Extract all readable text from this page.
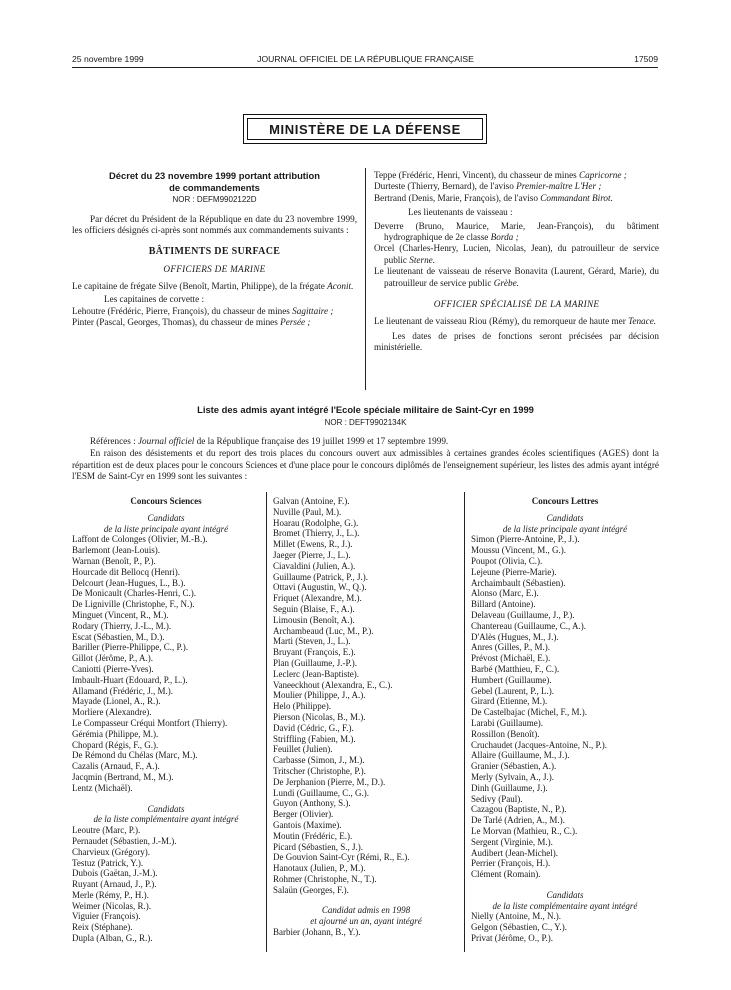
25 novembre 1999	JOURNAL OFFICIEL DE LA RÉPUBLIQUE FRANÇAISE	17509
MINISTÈRE DE LA DÉFENSE

Décret du 23 novembre 1999 portant attribution
de commandements

NOR : DEFM9902122D

Par décret du Président de la République en date du 23 novembre 1999, les officiers désignés ci-après sont nommés aux commandements suivants :

BÂTIMENTS DE SURFACE

OFFICIERS DE MARINE

Le capitaine de frégate Silve (Benoît, Martin, Philippe), de la frégate Aconit.

Les capitaines de corvette :

Lehoutre (Frédéric, Pierre, François), du chasseur de mines Sagittaire ;

Pinter (Pascal, Georges, Thomas), du chasseur de mines Persée ;

Teppe (Frédéric, Henri, Vincent), du chasseur de mines Capricorne ;

Durteste (Thierry, Bernard), de l'aviso Premier-maître L'Her ;

Bertrand (Denis, Marie, François), de l'aviso Commandant Birot.

Les lieutenants de vaisseau :

Deverre (Bruno, Maurice, Marie, Jean-François), du bâtiment hydrographique de 2e classe Borda ;

Orcel (Charles-Henry, Lucien, Nicolas, Jean), du patrouilleur de service public Sterne.

Le lieutenant de vaisseau de réserve Bonavita (Laurent, Gérard, Marie), du patrouilleur de service public Grèbe.

OFFICIER SPÉCIALISÉ DE LA MARINE

Le lieutenant de vaisseau Riou (Rémy), du remorqueur de haute mer Tenace.

Les dates de prises de fonctions seront précisées par décision ministérielle.

Liste des admis ayant intégré l'Ecole spéciale militaire de Saint-Cyr en 1999

NOR : DEFT9902134K

Références : Journal officiel de la République française des 19 juillet 1999 et 17 septembre 1999.

En raison des désistements et du report des trois places du concours ouvert aux admissibles à certaines grandes écoles scientifiques (AGES) dont la répartition est de deux places pour le concours Sciences et d'une place pour le concours diplômés de l'enseignement supérieur, les listes des admis ayant intégré l'ESM de Saint-Cyr en 1999 sont les suivantes :

Concours Sciences
Candidats
de la liste principale ayant intégré
Laffont de Colonges (Olivier, M.-B.).
Barlemont (Jean-Louis).
Warnan (Benoît, P., P.).
Hourcade dit Bellocq (Henri).
Delcourt (Jean-Hugues, L., B.).
De Monicault (Charles-Henri, C.).
De Ligniville (Christophe, F., N.).
Minguet (Vincent, R., M.).
Rodary (Thierry, J.-L., M.).
Escat (Sébastien, M., D.).
Bariller (Pierre-Philippe, C., P.).
Gillot (Jérôme, P., A.).
Caniotti (Pierre-Yves).
Imbault-Huart (Edouard, P., L.).
Allamand (Frédéric, J., M.).
Mayade (Lionel, A., R.).
Morliere (Alexandre).
Le Compasseur Créqui Montfort (Thierry).
Gérémia (Philippe, M.).
Chopard (Régis, F., G.).
De Rémond du Chélas (Marc, M.).
Cazalis (Arnaud, F., A.).
Jacqmin (Bertrand, M., M.).
Lentz (Michaël).
Candidats
de la liste complémentaire ayant intégré
Leoutre (Marc, P.).
Pernaudet (Sébastien, J.-M.).
Charvieux (Grégory).
Testuz (Patrick, Y.).
Dubois (Gaëtan, J.-M.).
Ruyant (Arnaud, J., P.).
Merle (Rémy, P., H.).
Weimer (Nicolas, R.).
Viguier (François).
Reix (Stéphane).
Dupla (Alban, G., R.).
Galvan (Antoine, F.).
Nuville (Paul, M.).
Hoarau (Rodolphe, G.).
Bromet (Thierry, J., L.).
Millet (Ewens, R., J.).
Jaeger (Pierre, J., L.).
Ciavaldini (Julien, A.).
Guillaume (Patrick, P., J.).
Ottavi (Augustin, W., Q.).
Friquet (Alexandre, M.).
Seguin (Blaise, F., A.).
Limousin (Benoît, A.).
Archambeaud (Luc, M., P.).
Marti (Steven, J., L.).
Bruyant (François, E.).
Plan (Guillaume, J.-P.).
Leclerc (Jean-Baptiste).
Vaneeckhout (Alexandra, E., C.).
Moulier (Philippe, J., A.).
Helo (Philippe).
Pierson (Nicolas, B., M.).
David (Cédric, G., F.).
Striffling (Fabien, M.).
Feuillet (Julien).
Carbasse (Simon, J., M.).
Tritscher (Christophe, P.).
De Jerphanion (Pierre, M., D.).
Lundi (Guillaume, C., G.).
Guyon (Anthony, S.).
Berger (Olivier).
Gantois (Maxime).
Moutin (Frédéric, E.).
Picard (Sébastien, S., J.).
De Gouvion Saint-Cyr (Rémi, R., E.).
Hanotaux (Julien, P., M.).
Rohmer (Christophe, N., T.).
Salaün (Georges, F.).
Candidat admis en 1998
et ajourné un an, ayant intégré
Barbier (Johann, B., Y.).
Concours Lettres
Candidats
de la liste principale ayant intégré
Simon (Pierre-Antoine, P., J.).
Moussu (Vincent, M., G.).
Poupot (Olivia, C.).
Lejeune (Pierre-Marie).
Archaimbault (Sébastien).
Alonso (Marc, E.).
Billard (Antoine).
Delaveau (Guillaume, J., P.).
Chantereau (Guillaume, C., A.).
D'Alès (Hugues, M., J.).
Anres (Gilles, P., M.).
Prévost (Michaël, E.).
Barbé (Matthieu, F., C.).
Humbert (Guillaume).
Gebel (Laurent, P., L.).
Girard (Etienne, M.).
De Castelbajac (Michel, F., M.).
Larabi (Guillaume).
Rossillon (Benoît).
Cruchaudet (Jacques-Antoine, N., P.).
Allaire (Guillaume, M., J.).
Granier (Sébastien, A.).
Merly (Sylvain, A., J.).
Dinh (Guillaume, J.).
Sedivy (Paul).
Cazagou (Baptiste, N., P.).
De Tarlé (Adrien, A., M.).
Le Morvan (Mathieu, R., C.).
Sergent (Virginie, M.).
Audibert (Jean-Michel).
Perrier (François, H.).
Clément (Romain).
Candidats
de la liste complémentaire ayant intégré
Nielly (Antoine, M., N.).
Gelgon (Sébastien, C., Y.).
Privat (Jérôme, O., P.).
